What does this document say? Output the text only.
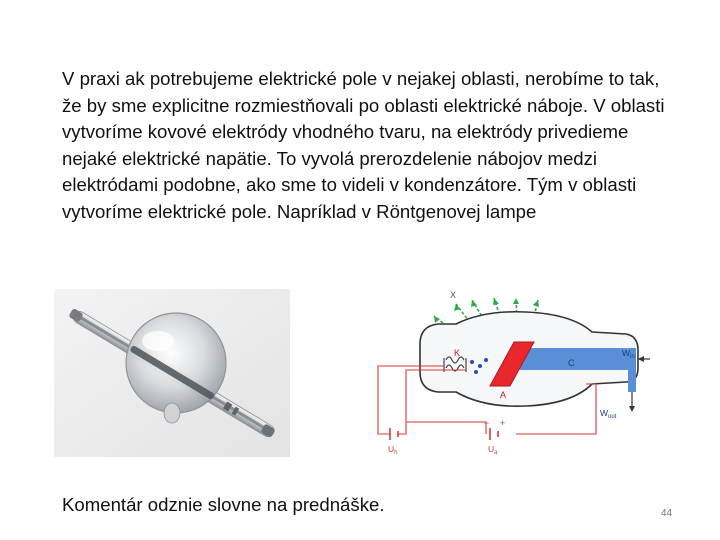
V praxi ak potrebujeme elektrické pole v nejakej oblasti, nerobíme to tak, že by sme explicitne rozmiestňovali po oblasti elektrické náboje. V oblasti vytvoríme kovové elektródy vhodného tvaru, na elektródy privedieme nejaké elektrické napätie. To vyvolá prerozdelenie nábojov medzi elektródami podobne, ako sme to videli v kondenzátore. Tým v oblasti vytvoríme elektrické pole. Napríklad v Röntgenovej lampe

X
C
A
K	$W_{in}$
$W_{out}$
− +
$U_h$	$U_a$

Komentár odznie slovne na prednáške.	44
